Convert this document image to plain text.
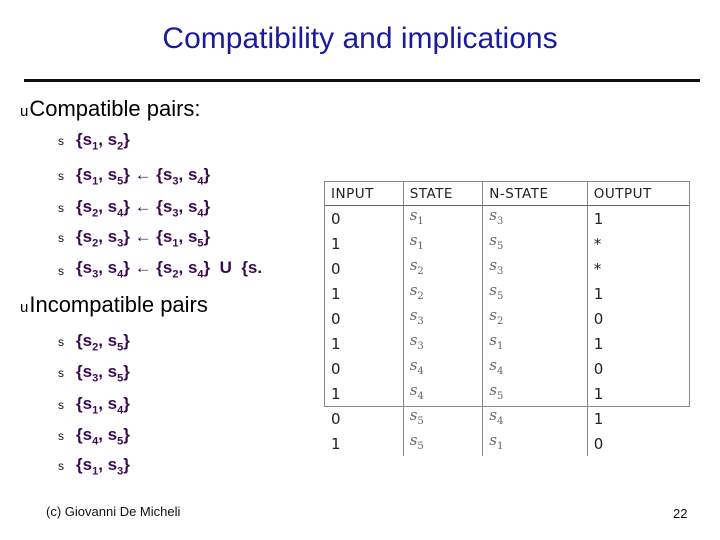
Compatibility and implications
uCompatible pairs:
s {$s_1$, $s_2$}
s {$s_1$, $s_5$} ← {$s_3$, $s_4$}
s {$s_2$, $s_4$} ← {$s_3$, $s_4$}
s {$s_2$, $s_3$} ← {$s_1$, $s_5$}
s {$s_3$, $s_4$} ← {$s_2$, $s_4$}  U  {s.
uIncompatible pairs
s {$s_2$, $s_5$}
s {$s_3$, $s_5$}
s {$s_1$, $s_4$}
s {$s_4$, $s_5$}
s {$s_1$, $s_3$}
INPUT	STATE	N-STATE	OUTPUT
0	$s_1$	$s_3$	1
1	$s_1$	$s_5$	*
0	$s_2$	$s_3$	*
1	$s_2$	$s_5$	1
0	$s_3$	$s_2$	0
1	$s_3$	$s_1$	1
0	$s_4$	$s_4$	0
1	$s_4$	$s_5$	1
0	$s_5$	$s_4$	1
1	$s_5$	$s_1$	0
(c) Giovanni De Micheli	22
